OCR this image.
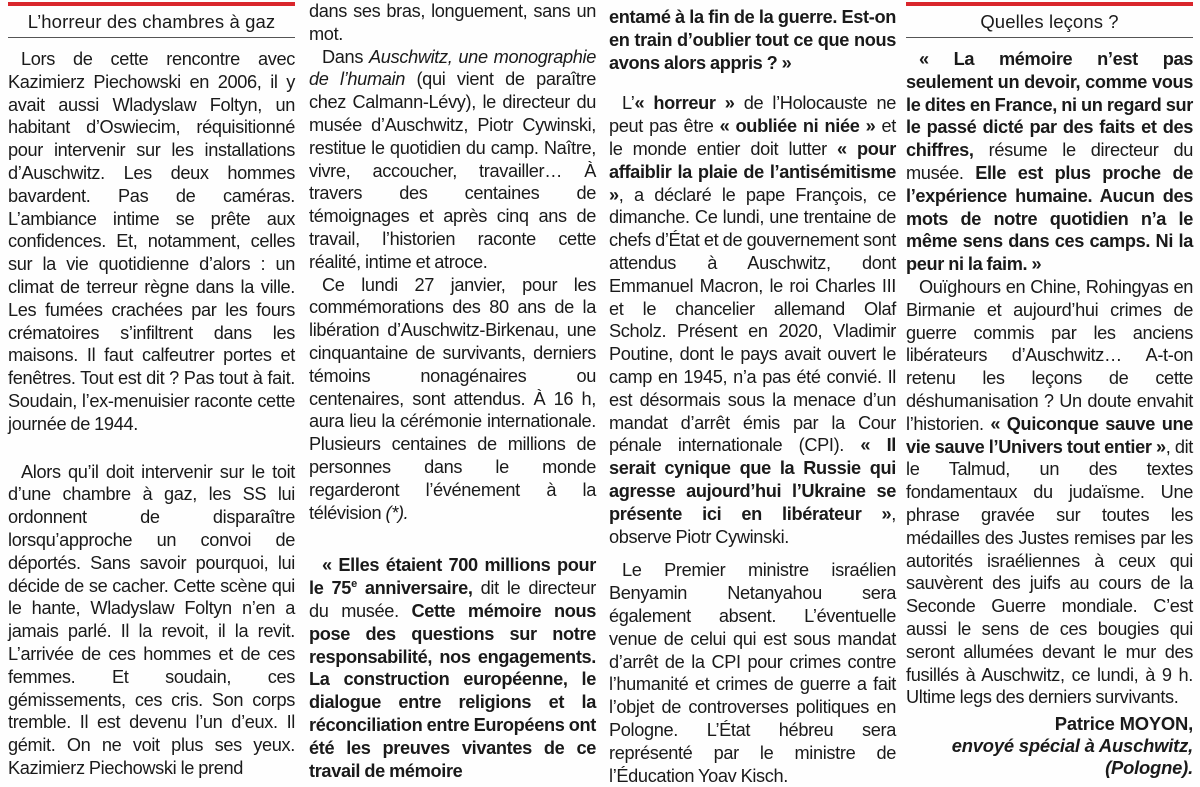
L’horreur des chambres à gaz

Lors de cette rencontre avec Kazimierz Piechowski en 2006, il y avait aussi Wladyslaw Foltyn, un habitant d’Oswiecim, réquisitionné pour intervenir sur les installations d’Auschwitz. Les deux hommes bavardent. Pas de caméras. L’ambiance intime se prête aux confidences. Et, notamment, celles sur la vie quotidienne d’alors : un climat de terreur règne dans la ville. Les fumées crachées par les fours crématoires s’infiltrent dans les maisons. Il faut calfeutrer portes et fenêtres. Tout est dit ? Pas tout à fait. Soudain, l’ex-menuisier raconte cette journée de 1944.

Alors qu’il doit intervenir sur le toit d’une chambre à gaz, les SS lui ordonnent de disparaître lorsqu’approche un convoi de déportés. Sans savoir pourquoi, lui décide de se cacher. Cette scène qui le hante, Wladyslaw Foltyn n’en a jamais parlé. Il la revoit, il la revit. L’arrivée de ces hommes et de ces femmes. Et soudain, ces gémissements, ces cris. Son corps tremble. Il est devenu l’un d’eux. Il gémit. On ne voit plus ses yeux. Kazimierz Piechowski le prend

dans ses bras, longuement, sans un mot.

Dans Auschwitz, une monographie de l’humain (qui vient de paraître chez Calmann-Lévy), le directeur du musée d’Auschwitz, Piotr Cywinski, restitue le quotidien du camp. Naître, vivre, accoucher, travailler… À travers des centaines de témoignages et après cinq ans de travail, l’historien raconte cette réalité, intime et atroce.

Ce lundi 27 janvier, pour les commémorations des 80 ans de la libération d’Auschwitz-Birkenau, une cinquantaine de survivants, derniers témoins nonagénaires ou centenaires, sont attendus. À 16 h, aura lieu la cérémonie internationale. Plusieurs centaines de millions de personnes dans le monde regarderont l’événement à la télévision (*).

« Elles étaient 700 millions pour le 75e anniversaire, dit le directeur du musée. Cette mémoire nous pose des questions sur notre responsabilité, nos engagements. La construction européenne, le dialogue entre religions et la réconciliation entre Européens ont été les preuves vivantes de ce travail de mémoire

entamé à la fin de la guerre. Est-on en train d’oublier tout ce que nous avons alors appris ? »

L’« horreur » de l’Holocauste ne peut pas être « oubliée ni niée » et le monde entier doit lutter « pour affaiblir la plaie de l’antisémitisme », a déclaré le pape François, ce dimanche. Ce lundi, une trentaine de chefs d’État et de gouvernement sont attendus à Auschwitz, dont Emmanuel Macron, le roi Charles III et le chancelier allemand Olaf Scholz. Présent en 2020, Vladimir Poutine, dont le pays avait ouvert le camp en 1945, n’a pas été convié. Il est désormais sous la menace d’un mandat d’arrêt émis par la Cour pénale internationale (CPI). « Il serait cynique que la Russie qui agresse aujourd’hui l’Ukraine se présente ici en libérateur », observe Piotr Cywinski.

Le Premier ministre israélien Benyamin Netanyahou sera également absent. L’éventuelle venue de celui qui est sous mandat d’arrêt de la CPI pour crimes contre l’humanité et crimes de guerre a fait l’objet de controverses politiques en Pologne. L’État hébreu sera représenté par le ministre de l’Éducation Yoav Kisch.

Quelles leçons ?

« La mémoire n’est pas seulement un devoir, comme vous le dites en France, ni un regard sur le passé dicté par des faits et des chiffres, résume le directeur du musée. Elle est plus proche de l’expérience humaine. Aucun des mots de notre quotidien n’a le même sens dans ces camps. Ni la peur ni la faim. »

Ouïghours en Chine, Rohingyas en Birmanie et aujourd’hui crimes de guerre commis par les anciens libérateurs d’Auschwitz… A-t-on retenu les leçons de cette déshumanisation ? Un doute envahit l’historien. « Quiconque sauve une vie sauve l’Univers tout entier », dit le Talmud, un des textes fondamentaux du judaïsme. Une phrase gravée sur toutes les médailles des Justes remises par les autorités israéliennes à ceux qui sauvèrent des juifs au cours de la Seconde Guerre mondiale. C’est aussi le sens de ces bougies qui seront allumées devant le mur des fusillés à Auschwitz, ce lundi, à 9 h. Ultime legs des derniers survivants.

Patrice MOYON,
envoyé spécial à Auschwitz,
(Pologne).
